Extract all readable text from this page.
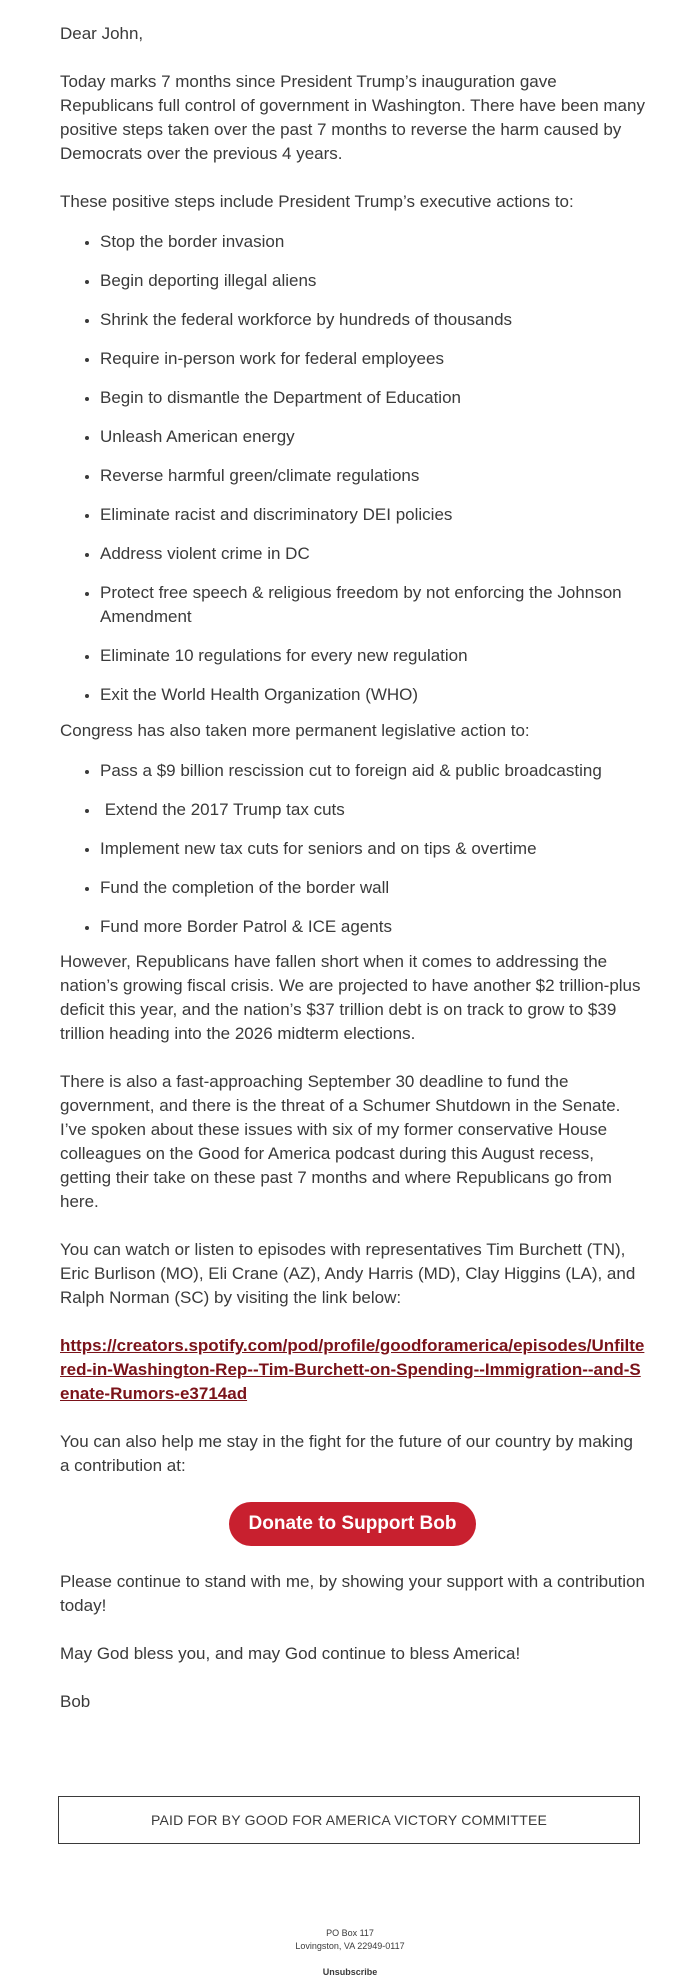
Dear John,

Today marks 7 months since President Trump’s inauguration gave Republicans full control of government in Washington. There have been many positive steps taken over the past 7 months to reverse the harm caused by Democrats over the previous 4 years.

These positive steps include President Trump’s executive actions to:

• Stop the border invasion
• Begin deporting illegal aliens
• Shrink the federal workforce by hundreds of thousands
• Require in-person work for federal employees
• Begin to dismantle the Department of Education
• Unleash American energy
• Reverse harmful green/climate regulations
• Eliminate racist and discriminatory DEI policies
• Address violent crime in DC
• Protect free speech & religious freedom by not enforcing the Johnson Amendment
• Eliminate 10 regulations for every new regulation
• Exit the World Health Organization (WHO)

Congress has also taken more permanent legislative action to:

• Pass a $9 billion rescission cut to foreign aid & public broadcasting
•  Extend the 2017 Trump tax cuts
• Implement new tax cuts for seniors and on tips & overtime
• Fund the completion of the border wall
• Fund more Border Patrol & ICE agents

However, Republicans have fallen short when it comes to addressing the nation’s growing fiscal crisis. We are projected to have another $2 trillion-plus deficit this year, and the nation’s $37 trillion debt is on track to grow to $39 trillion heading into the 2026 midterm elections.

There is also a fast-approaching September 30 deadline to fund the government, and there is the threat of a Schumer Shutdown in the Senate.

I’ve spoken about these issues with six of my former conservative House colleagues on the Good for America podcast during this August recess, getting their take on these past 7 months and where Republicans go from here.

You can watch or listen to episodes with representatives Tim Burchett (TN), Eric Burlison (MO), Eli Crane (AZ), Andy Harris (MD), Clay Higgins (LA), and Ralph Norman (SC) by visiting the link below:

https://creators.spotify.com/pod/profile/goodforamerica/episodes/Unfiltered-in-Washington-Rep--Tim-Burchett-on-Spending--Immigration--and-Senate-Rumors-e3714ad

You can also help me stay in the fight for the future of our country by making a contribution at:

Donate to Support Bob

Please continue to stand with me, by showing your support with a contribution today!

May God bless you, and may God continue to bless America!

Bob

PAID FOR BY GOOD FOR AMERICA VICTORY COMMITTEE
PO Box 117
Lovingston, VA 22949-0117
Unsubscribe
